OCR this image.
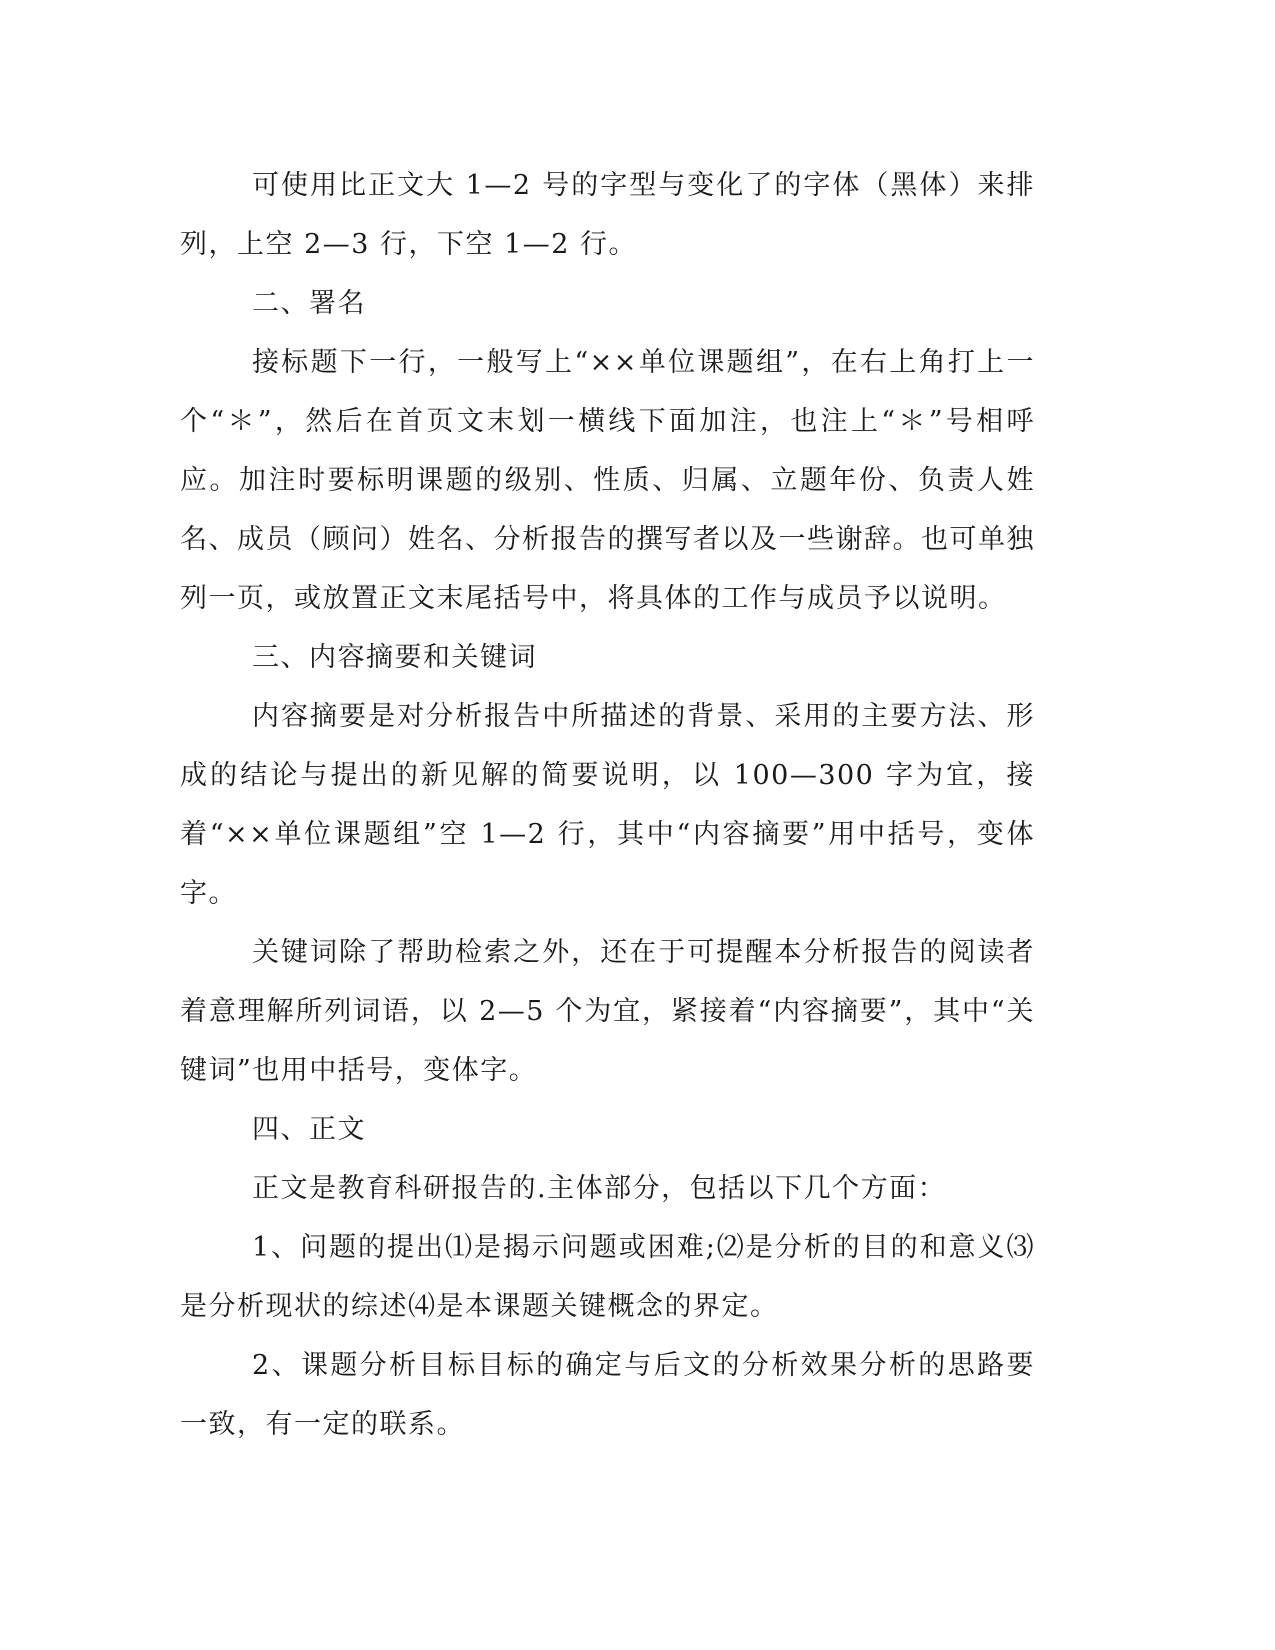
可使用比正文大 1—2 号的字型与变化了的字体（黑体）来排列，上空 2—3 行，下空 1—2 行。

二、署名

接标题下一行，一般写上“××单位课题组”，在右上角打上一个“＊”，然后在首页文末划一横线下面加注，也注上“＊”号相呼应。加注时要标明课题的级别、性质、归属、立题年份、负责人姓名、成员（顾问）姓名、分析报告的撰写者以及一些谢辞。也可单独列一页，或放置正文末尾括号中，将具体的工作与成员予以说明。

三、内容摘要和关键词

内容摘要是对分析报告中所描述的背景、采用的主要方法、形成的结论与提出的新见解的简要说明，以 100—300 字为宜，接着“××单位课题组”空 1—2 行，其中“内容摘要”用中括号，变体字。

关键词除了帮助检索之外，还在于可提醒本分析报告的阅读者着意理解所列词语，以 2—5 个为宜，紧接着“内容摘要”，其中“关键词”也用中括号，变体字。

四、正文

正文是教育科研报告的.主体部分，包括以下几个方面：

1、问题的提出⑴是揭示问题或困难;⑵是分析的目的和意义⑶是分析现状的综述⑷是本课题关键概念的界定。

2、课题分析目标目标的确定与后文的分析效果分析的思路要一致，有一定的联系。
